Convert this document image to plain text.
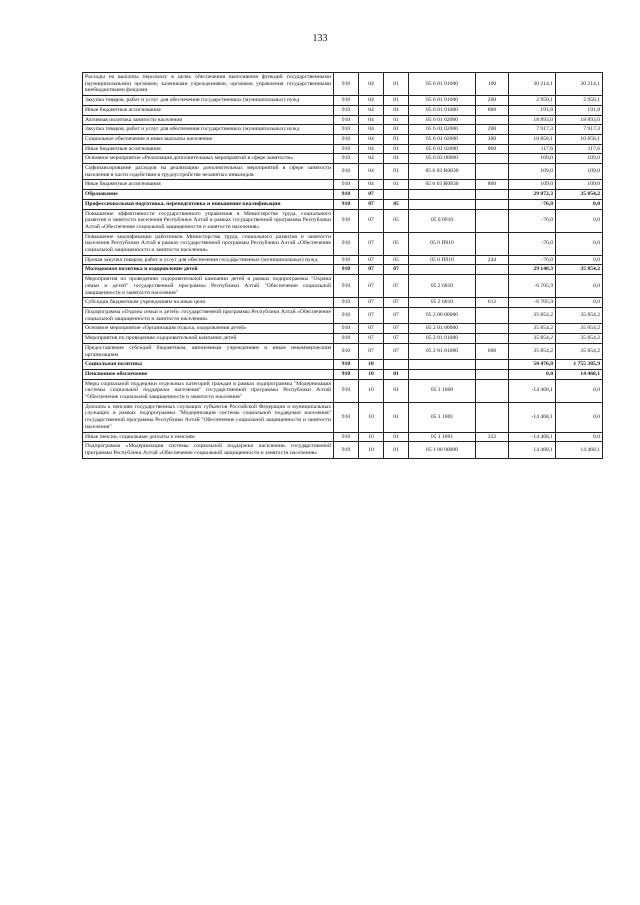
133
Расходы на выплаты персоналу в целях обеспечения выполнения функций государственными (муниципальными) органами, казенными учреждениями, органами управления государственными внебюджетными фондами	910	04	01	05 6 01 01000	100	30 214,1	30 214,1
Закупка товаров, работ и услуг для обеспечения государственных (муниципальных) нужд	910	04	01	05 6 01 01000	200	2 950,1	2 950,1
Иные бюджетные ассигнования	910	04	01	05 6 01 01000	800	191,8	191,8
Активная политика занятости населения	910	04	01	05 6 01 02000		18 893,0	18 893,0
Закупка товаров, работ и услуг для обеспечения государственных (муниципальных) нужд	910	04	01	05 6 01 02000	200	7 917,3	7 917,3
Социальное обеспечение и иные выплаты населению	910	04	01	05 6 01 02000	300	10 858,1	10 858,1
Иные бюджетные ассигнования	910	04	01	05 6 01 02000	800	117,6	117,6
Основное мероприятие «Реализация дополнительных мероприятий в сфере занятости»	910	04	01	05 6 03 00000		109,0	109,0
Софинансирование расходов на реализацию дополнительных мероприятий в сфере занятости населения в части содействия в трудоустройстве незанятых инвалидов	910	04	01	05 6 03 R0830		109,0	109,0
Иные бюджетные ассигнования	910	04	01	05 6 03 R0830	800	109,0	109,0
Образование	910	07				29 072,3	35 854,2
Профессиональная подготовка, переподготовка и повышение квалификации	910	07	05			-76,0	0,0
Повышение эффективности государственного управления в Министерстве труда, социального развития и занятости населения Республики Алтай в рамках государственной программы Республики Алтай «Обеспечение социальной защищенности и занятости населения»	910	07	05	05 0 0910		-76,0	0,0
Повышение квалификации работников Министерства труда, социального развития и занятости населения Республики Алтай в рамках государственной программы Республики Алтай «Обеспечение социальной защищенности и занятости населения»	910	07	05	05 0 П910		-76,0	0,0
Прочая закупка товаров, работ и услуг для обеспечения государственных (муниципальных) нужд	910	07	05	05 0 П910	244	-76,0	0,0
Молодежная политика и оздоровление детей	910	07	07			29 148,3	35 854,2
Мероприятия по проведению оздоровительной кампании детей в рамках подпрограммы "Охрана семьи и детей" государственной программы Республики Алтай "Обеспечение социальной защищенности и занятости населения"	910	07	07	05 2 6010		-6 705,9	0,0
Субсидии бюджетным учреждениям на иные цели	910	07	07	05 2 6010	612	-6 705,9	0,0
Подпрограмма «Охрана семьи и детей» государственной программы Республики Алтай «Обеспечение социальной защищенности и занятости населения»	910	07	07	05 2 00 00000		35 854,2	35 854,2
Основное мероприятие «Организация отдыха, оздоровления детей»	910	07	07	05 2 01 00000		35 854,2	35 854,2
Мероприятия по проведению оздоровительной кампании детей	910	07	07	05 2 01 01000		35 854,2	35 854,2
Предоставление субсидий бюджетным, автономным учреждениям и иным некоммерческим организациям	910	07	07	05 2 01 01000	600	35 854,2	35 854,2
Социальная политика	910	10				50 476,0	1 755 385,9
Пенсионное обеспечение	910	10	01			0,0	14 468,1
Меры социальной поддержки отдельных категорий граждан в рамках подпрограммы "Модернизация системы социальной поддержки населения" государственной программы Республики Алтай "Обеспечение социальной защищенности и занятости населения"	910	10	01	05 1 1000		-14 468,1	0,0
Доплаты к пенсиям государственных служащих субъектов Российской Федерации и муниципальных служащих в рамках подпрограммы "Модернизация системы социальной поддержки населения" государственной программы Республики Алтай "Обеспечение социальной защищенности и занятости населения"	910	10	01	05 1 1001		-14 468,1	0,0
Иные пенсии, социальные доплаты к пенсиям	910	10	01	05 1 1001	312	-14 468,1	0,0
Подпрограмма «Модернизация системы социальной поддержки населения» государственной программы Республики Алтай «Обеспечение социальной защищенности и занятости населения»	910	10	01	05 1 00 00000		14 468,1	14 468,1
